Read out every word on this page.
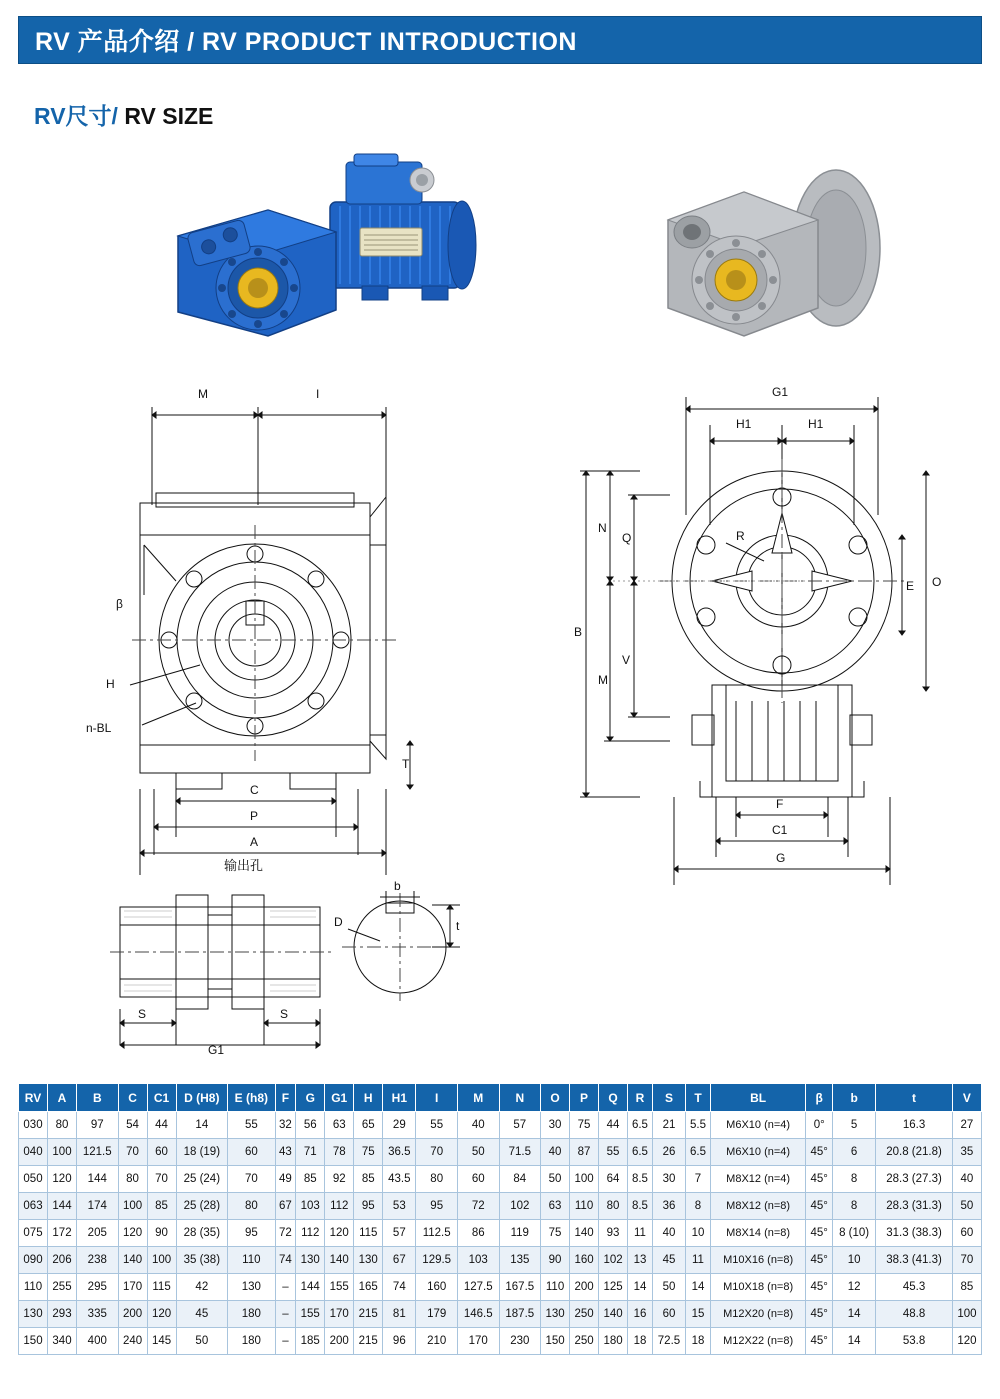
RV 产品介绍 / RV PRODUCT INTRODUCTION
RV尺寸/ RV SIZE
M	I
β
H
n-BL
C
P
A
T
输出孔
G1
H1	H1
R
N
Q
B
M
V
O
E
F
C1
G
S	S
G1
D
b
t
RV	A	B	C	C1	D (H8)	E (h8)	F	G	G1	H	H1	I	M	N	O	P	Q	R	S	T	BL	β	b	t	V
030	80	97	54	44	14	55	32	56	63	65	29	55	40	57	30	75	44	6.5	21	5.5	M6X10 (n=4)	0°	5	16.3	27
040	100	121.5	70	60	18 (19)	60	43	71	78	75	36.5	70	50	71.5	40	87	55	6.5	26	6.5	M6X10 (n=4)	45°	6	20.8 (21.8)	35
050	120	144	80	70	25 (24)	70	49	85	92	85	43.5	80	60	84	50	100	64	8.5	30	7	M8X12 (n=4)	45°	8	28.3 (27.3)	40
063	144	174	100	85	25 (28)	80	67	103	112	95	53	95	72	102	63	110	80	8.5	36	8	M8X12 (n=8)	45°	8	28.3 (31.3)	50
075	172	205	120	90	28 (35)	95	72	112	120	115	57	112.5	86	119	75	140	93	11	40	10	M8X14 (n=8)	45°	8 (10)	31.3 (38.3)	60
090	206	238	140	100	35 (38)	110	74	130	140	130	67	129.5	103	135	90	160	102	13	45	11	M10X16 (n=8)	45°	10	38.3 (41.3)	70
110	255	295	170	115	42	130	–	144	155	165	74	160	127.5	167.5	110	200	125	14	50	14	M10X18 (n=8)	45°	12	45.3	85
130	293	335	200	120	45	180	–	155	170	215	81	179	146.5	187.5	130	250	140	16	60	15	M12X20 (n=8)	45°	14	48.8	100
150	340	400	240	145	50	180	–	185	200	215	96	210	170	230	150	250	180	18	72.5	18	M12X22 (n=8)	45°	14	53.8	120
